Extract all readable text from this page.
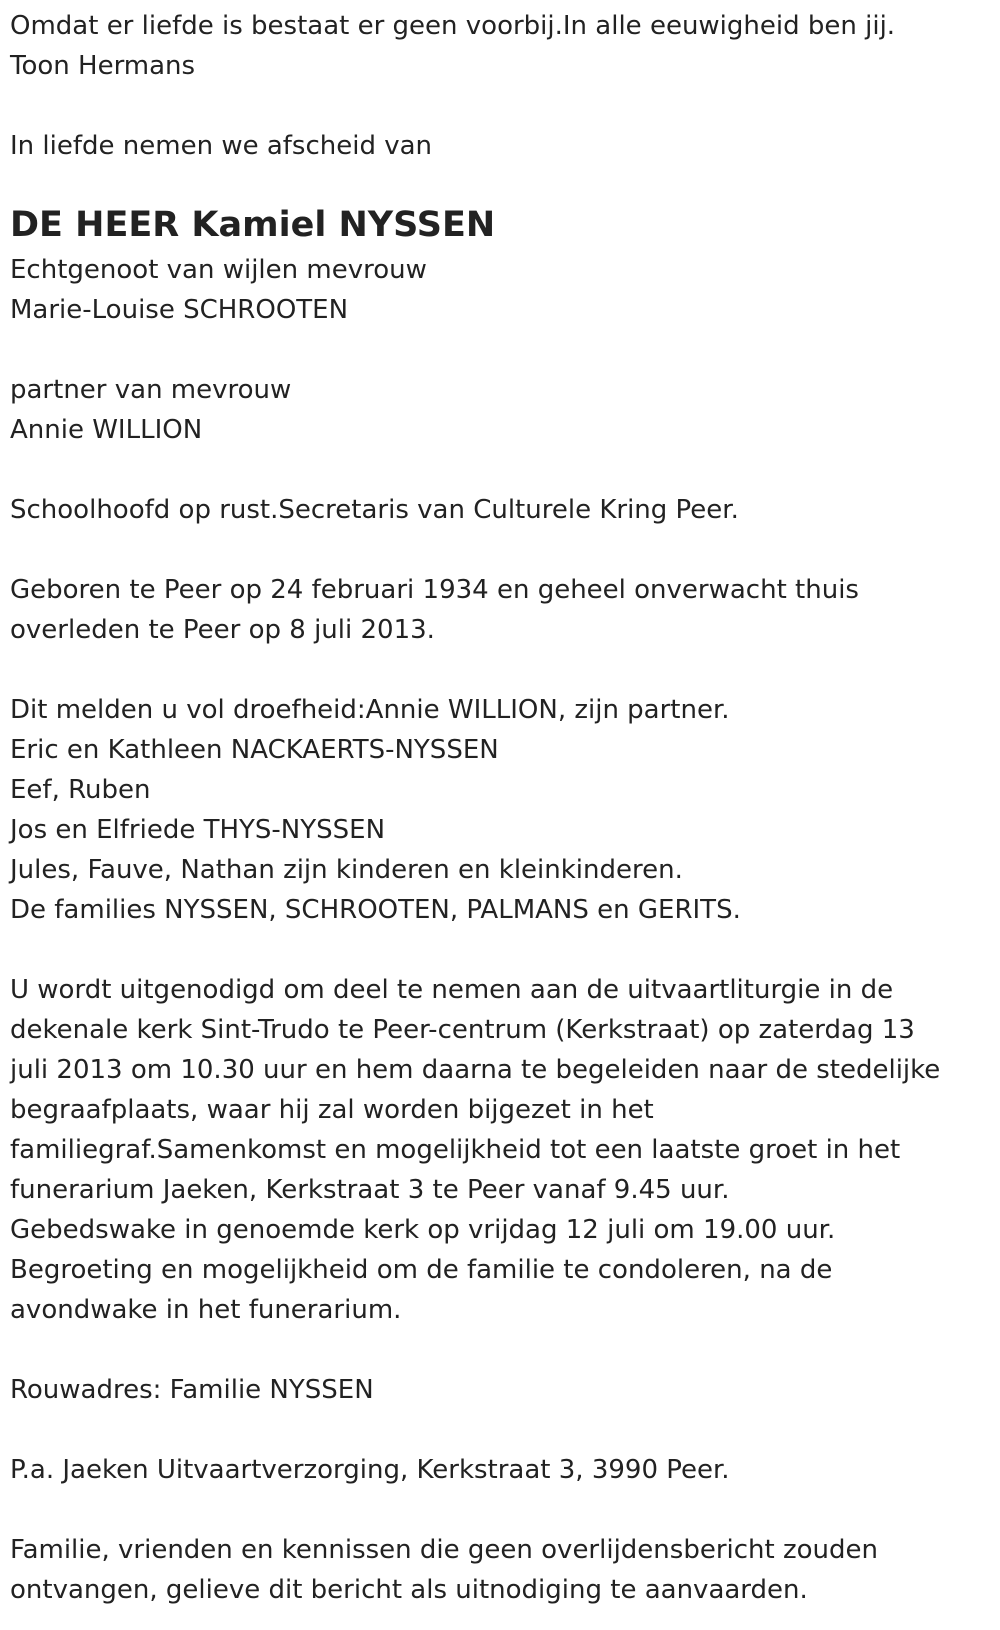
Omdat er liefde is bestaat er geen voorbij.In alle eeuwigheid ben jij.
Toon Hermans
In liefde nemen we afscheid van
DE HEER Kamiel NYSSEN
Echtgenoot van wijlen mevrouw
Marie-Louise SCHROOTEN
partner van mevrouw
Annie WILLION
Schoolhoofd op rust.Secretaris van Culturele Kring Peer.
Geboren te Peer op 24 februari 1934 en geheel onverwacht thuis
overleden te Peer op 8 juli 2013.
Dit melden u vol droefheid:Annie WILLION, zijn partner.
Eric en Kathleen NACKAERTS-NYSSEN
Eef, Ruben
Jos en Elfriede THYS-NYSSEN
Jules, Fauve, Nathan zijn kinderen en kleinkinderen.
De families NYSSEN, SCHROOTEN, PALMANS en GERITS.
U wordt uitgenodigd om deel te nemen aan de uitvaartliturgie in de
dekenale kerk Sint-Trudo te Peer-centrum (Kerkstraat) op zaterdag 13
juli 2013 om 10.30 uur en hem daarna te begeleiden naar de stedelijke
begraafplaats, waar hij zal worden bijgezet in het
familiegraf.Samenkomst en mogelijkheid tot een laatste groet in het
funerarium Jaeken, Kerkstraat 3 te Peer vanaf 9.45 uur.
Gebedswake in genoemde kerk op vrijdag 12 juli om 19.00 uur.
Begroeting en mogelijkheid om de familie te condoleren, na de
avondwake in het funerarium.
Rouwadres: Familie NYSSEN
P.a. Jaeken Uitvaartverzorging, Kerkstraat 3, 3990 Peer.
Familie, vrienden en kennissen die geen overlijdensbericht zouden
ontvangen, gelieve dit bericht als uitnodiging te aanvaarden.
